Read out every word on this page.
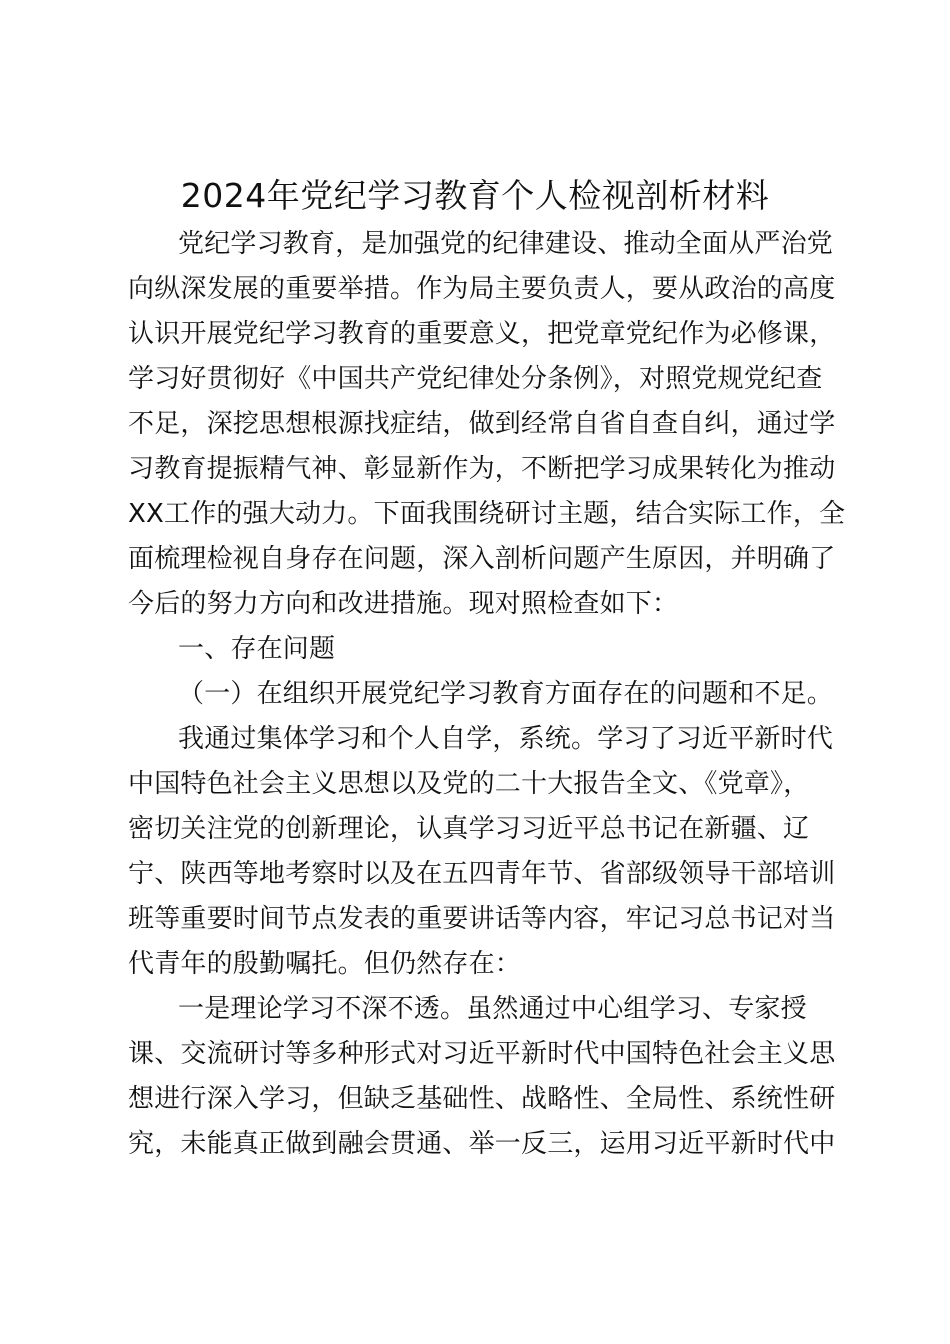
2024年党纪学习教育个人检视剖析材料
党纪学习教育，是加强党的纪律建设、推动全面从严治党
向纵深发展的重要举措。作为局主要负责人，要从政治的高度
认识开展党纪学习教育的重要意义，把党章党纪作为必修课，
学习好贯彻好《中国共产党纪律处分条例》，对照党规党纪查
不足，深挖思想根源找症结，做到经常自省自查自纠，通过学
习教育提振精气神、彰显新作为，不断把学习成果转化为推动
XX工作的强大动力。下面我围绕研讨主题，结合实际工作，全
面梳理检视自身存在问题，深入剖析问题产生原因，并明确了
今后的努力方向和改进措施。现对照检查如下：
一、存在问题
（一）在组织开展党纪学习教育方面存在的问题和不足。
我通过集体学习和个人自学，系统。学习了习近平新时代
中国特色社会主义思想以及党的二十大报告全文、《党章》，
密切关注党的创新理论，认真学习习近平总书记在新疆、辽
宁、陕西等地考察时以及在五四青年节、省部级领导干部培训
班等重要时间节点发表的重要讲话等内容，牢记习总书记对当
代青年的殷勤嘱托。但仍然存在：
一是理论学习不深不透。虽然通过中心组学习、专家授
课、交流研讨等多种形式对习近平新时代中国特色社会主义思
想进行深入学习，但缺乏基础性、战略性、全局性、系统性研
究，未能真正做到融会贯通、举一反三，运用习近平新时代中
